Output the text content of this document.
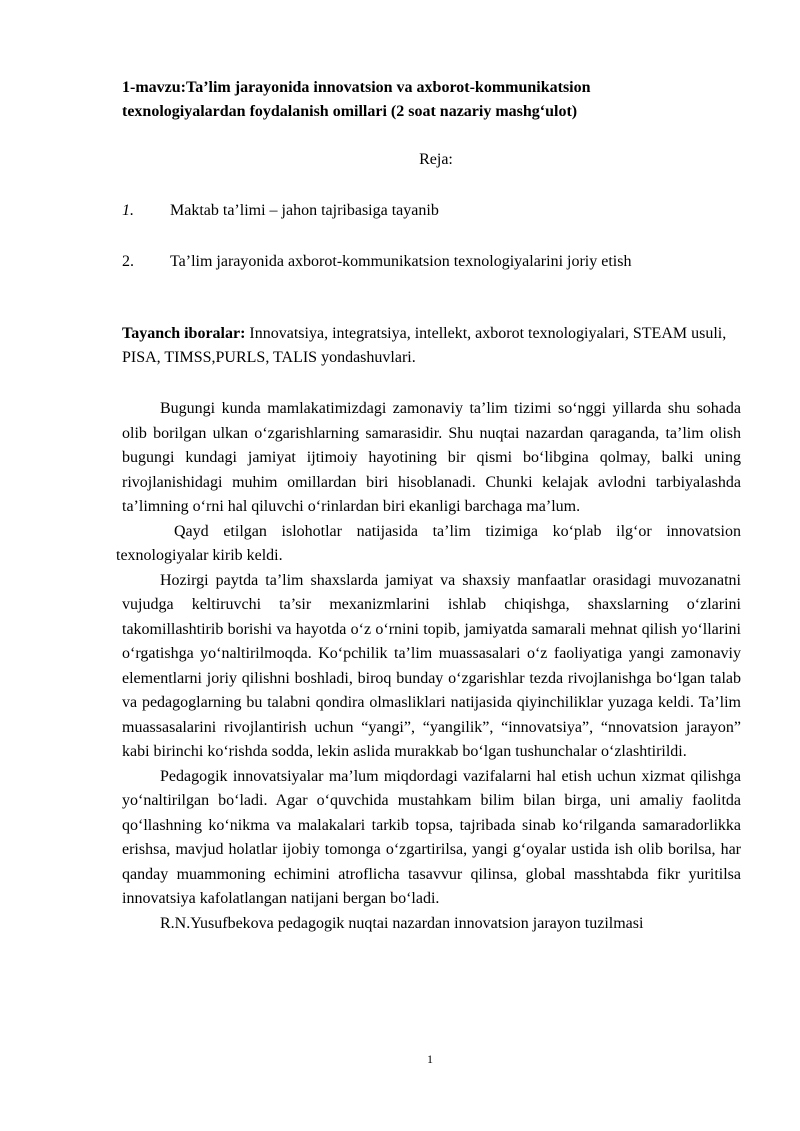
1-mavzu:Ta’lim jarayonida innovatsion va axborot-kommunikatsion texnologiyalardan foydalanish omillari (2 soat nazariy mashg‘ulot)
Reja:
1. Maktab ta’limi – jahon tajribasiga tayanib
2. Ta’lim jarayonida axborot-kommunikatsion texnologiyalarini joriy etish
Tayanch iboralar: Innovatsiya, integratsiya, intellekt, axborot texnologiyalari, STEAM usuli, PISA, TIMSS,PURLS, TALIS yondashuvlari.

Bugungi kunda mamlakatimizdagi zamonaviy ta’lim tizimi so‘nggi yillarda shu sohada olib borilgan ulkan o‘zgarishlarning samarasidir. Shu nuqtai nazardan qaraganda, ta’lim olish bugungi kundagi jamiyat ijtimoiy hayotining bir qismi bo‘libgina qolmay, balki uning rivojlanishidagi muhim omillardan biri hisoblanadi. Chunki kelajak avlodni tarbiyalashda ta’limning o‘rni hal qiluvchi o‘rinlardan biri ekanligi barchaga ma’lum.

Qayd etilgan islohotlar natijasida ta’lim tizimiga ko‘plab ilg‘or innovatsion texnologiyalar kirib keldi.

Hozirgi paytda ta’lim shaxslarda jamiyat va shaxsiy manfaatlar orasidagi muvozanatni vujudga keltiruvchi ta’sir mexanizmlarini ishlab chiqishga, shaxslarning o‘zlarini takomillashtirib borishi va hayotda o‘z o‘rnini topib, jamiyatda samarali mehnat qilish yo‘llarini o‘rgatishga yo‘naltirilmoqda. Ko‘pchilik ta’lim muassasalari o‘z faoliyatiga yangi zamonaviy elementlarni joriy qilishni boshladi, biroq bunday o‘zgarishlar tezda rivojlanishga bo‘lgan talab va pedagoglarning bu talabni qondira olmasliklari natijasida qiyinchiliklar yuzaga keldi. Ta’lim muassasalarini rivojlantirish uchun “yangi”, “yangilik”, “innovatsiya”, “nnovatsion jarayon” kabi birinchi ko‘rishda sodda, lekin aslida murakkab bo‘lgan tushunchalar o‘zlashtirildi.

Pedagogik innovatsiyalar ma’lum miqdordagi vazifalarni hal etish uchun xizmat qilishga yo‘naltirilgan bo‘ladi. Agar o‘quvchida mustahkam bilim bilan birga, uni amaliy faolitda qo‘llashning ko‘nikma va malakalari tarkib topsa, tajribada sinab ko‘rilganda samaradorlikka erishsa, mavjud holatlar ijobiy tomonga o‘zgartirilsa, yangi g‘oyalar ustida ish olib borilsa, har qanday muammoning echimini atroflicha tasavvur qilinsa, global masshtabda fikr yuritilsa innovatsiya kafolatlangan natijani bergan bo‘ladi.

R.N.Yusufbekova pedagogik nuqtai nazardan innovatsion jarayon tuzilmasi

1
